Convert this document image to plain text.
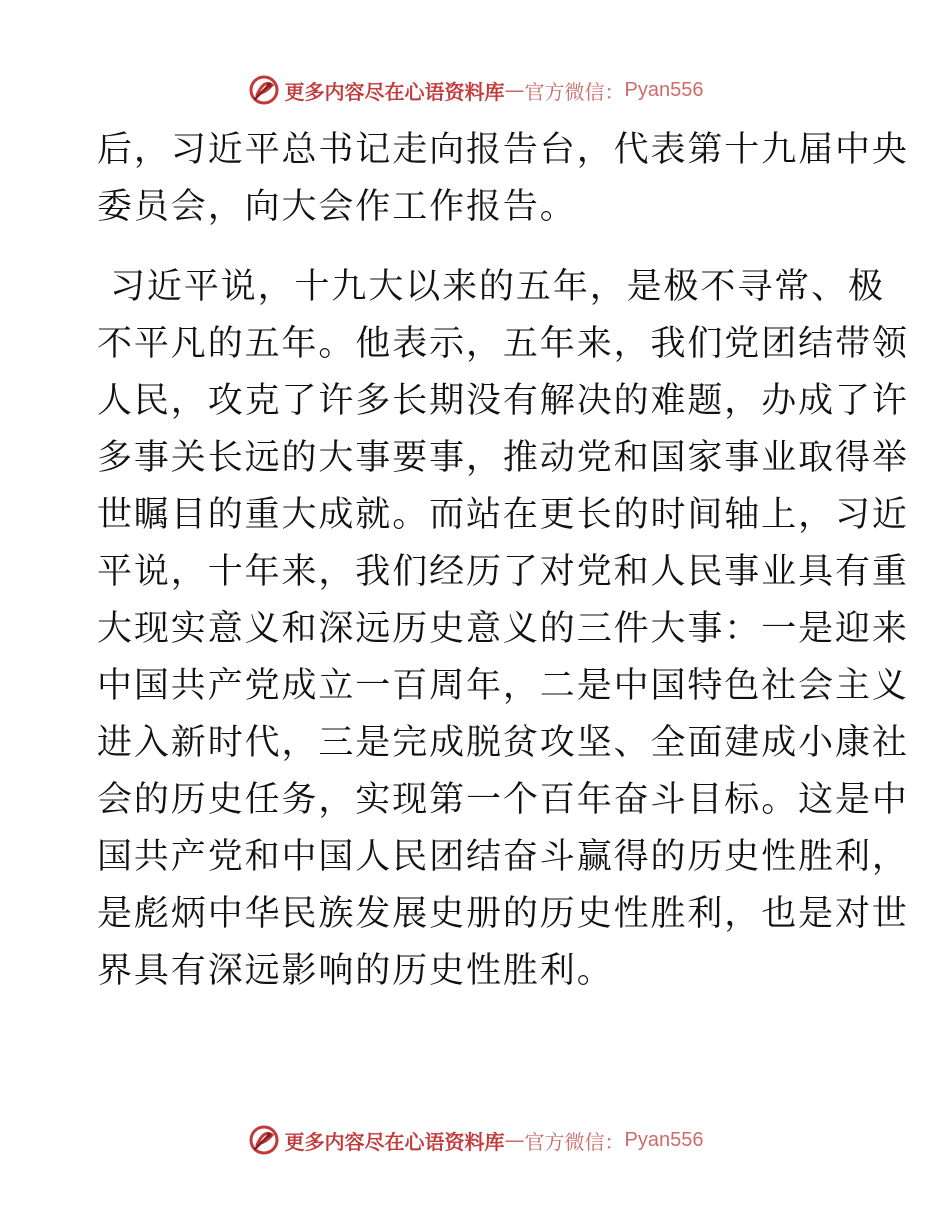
更多内容尽在心语资料库 — 官方微信： Pyan556

后，习近平总书记走向报告台，代表第十九届中央
委员会，向大会作工作报告。

习近平说，十九大以来的五年，是极不寻常、极
不平凡的五年。他表示，五年来，我们党团结带领
人民，攻克了许多长期没有解决的难题，办成了许
多事关长远的大事要事，推动党和国家事业取得举
世瞩目的重大成就。而站在更长的时间轴上，习近
平说，十年来，我们经历了对党和人民事业具有重
大现实意义和深远历史意义的三件大事：一是迎来
中国共产党成立一百周年，二是中国特色社会主义
进入新时代，三是完成脱贫攻坚、全面建成小康社
会的历史任务，实现第一个百年奋斗目标。这是中
国共产党和中国人民团结奋斗赢得的历史性胜利，
是彪炳中华民族发展史册的历史性胜利，也是对世
界具有深远影响的历史性胜利。

更多内容尽在心语资料库 — 官方微信： Pyan556
